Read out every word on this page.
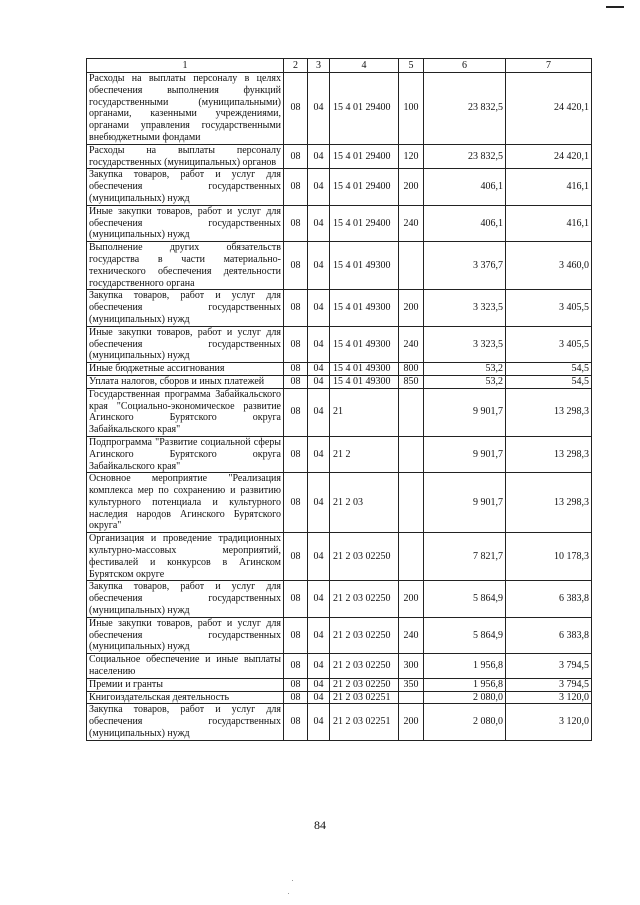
1	2	3	4	5	6	7
Расходы на выплаты персоналу в целях обеспечения выполнения функций государственными (муниципальными) органами, казенными учреждениями, органами управления государственными внебюджетными фондами	08	04	15 4 01 29400	100	23 832,5	24 420,1
Расходы на выплаты персоналу государственных (муниципальных) органов	08	04	15 4 01 29400	120	23 832,5	24 420,1
Закупка товаров, работ и услуг для обеспечения государственных (муниципальных) нужд	08	04	15 4 01 29400	200	406,1	416,1
Иные закупки товаров, работ и услуг для обеспечения государственных (муниципальных) нужд	08	04	15 4 01 29400	240	406,1	416,1
Выполнение других обязательств государства в части материально-технического обеспечения деятельности государственного органа	08	04	15 4 01 49300		3 376,7	3 460,0
Закупка товаров, работ и услуг для обеспечения государственных (муниципальных) нужд	08	04	15 4 01 49300	200	3 323,5	3 405,5
Иные закупки товаров, работ и услуг для обеспечения государственных (муниципальных) нужд	08	04	15 4 01 49300	240	3 323,5	3 405,5
Иные бюджетные ассигнования	08	04	15 4 01 49300	800	53,2	54,5
Уплата налогов, сборов и иных платежей	08	04	15 4 01 49300	850	53,2	54,5
Государственная программа Забайкальского края "Социально-экономическое развитие Агинского Бурятского округа Забайкальского края"	08	04	21		9 901,7	13 298,3
Подпрограмма "Развитие социальной сферы Агинского Бурятского округа Забайкальского края"	08	04	21 2		9 901,7	13 298,3
Основное мероприятие "Реализация комплекса мер по сохранению и развитию культурного потенциала и культурного наследия народов Агинского Бурятского округа"	08	04	21 2 03		9 901,7	13 298,3
Организация и проведение традиционных культурно-массовых мероприятий, фестивалей и конкурсов в Агинском Бурятском округе	08	04	21 2 03 02250		7 821,7	10 178,3
Закупка товаров, работ и услуг для обеспечения государственных (муниципальных) нужд	08	04	21 2 03 02250	200	5 864,9	6 383,8
Иные закупки товаров, работ и услуг для обеспечения государственных (муниципальных) нужд	08	04	21 2 03 02250	240	5 864,9	6 383,8
Социальное обеспечение и иные выплаты населению	08	04	21 2 03 02250	300	1 956,8	3 794,5
Премии и гранты	08	04	21 2 03 02250	350	1 956,8	3 794,5
Книгоиздательская деятельность	08	04	21 2 03 02251		2 080,0	3 120,0
Закупка товаров, работ и услуг для обеспечения государственных (муниципальных) нужд	08	04	21 2 03 02251	200	2 080,0	3 120,0
84
